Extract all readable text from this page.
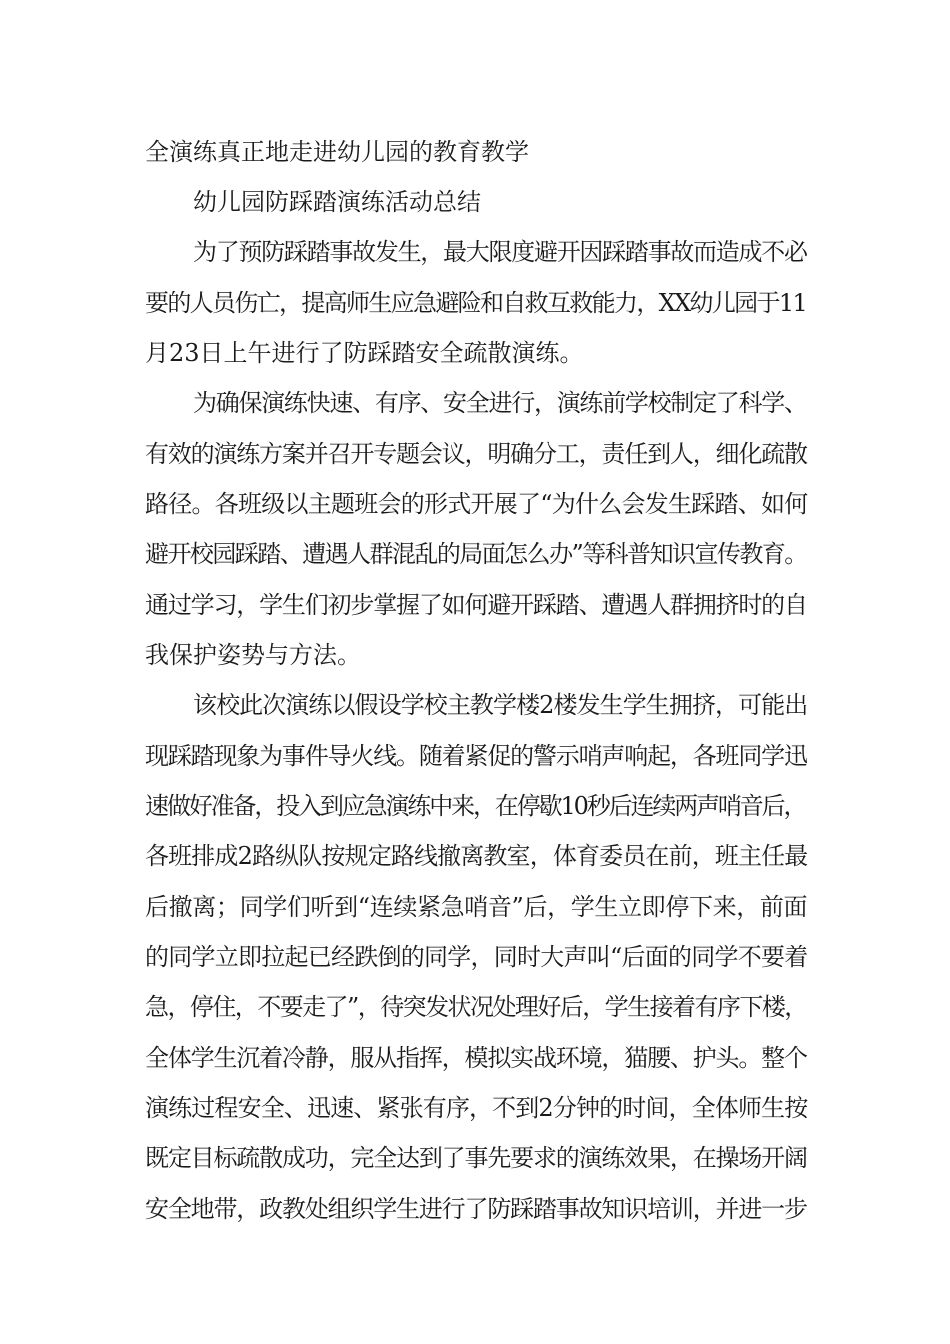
全演练真正地走进幼儿园的教育教学
幼儿园防踩踏演练活动总结
为了预防踩踏事故发生，最大限度避开因踩踏事故而造成不必
要的人员伤亡，提高师生应急避险和自救互救能力，XX幼儿园于11
月23日上午进行了防踩踏安全疏散演练。
为确保演练快速、有序、安全进行，演练前学校制定了科学、
有效的演练方案并召开专题会议，明确分工，责任到人，细化疏散
路径。各班级以主题班会的形式开展了“为什么会发生踩踏、如何
避开校园踩踏、遭遇人群混乱的局面怎么办”等科普知识宣传教育。
通过学习，学生们初步掌握了如何避开踩踏、遭遇人群拥挤时的自
我保护姿势与方法。
该校此次演练以假设学校主教学楼2楼发生学生拥挤，可能出
现踩踏现象为事件导火线。随着紧促的警示哨声响起，各班同学迅
速做好准备，投入到应急演练中来，在停歇10秒后连续两声哨音后，
各班排成2路纵队按规定路线撤离教室，体育委员在前，班主任最
后撤离；同学们听到“连续紧急哨音”后，学生立即停下来，前面
的同学立即拉起已经跌倒的同学，同时大声叫“后面的同学不要着
急，停住，不要走了”，待突发状况处理好后，学生接着有序下楼，
全体学生沉着冷静，服从指挥，模拟实战环境，猫腰、护头。整个
演练过程安全、迅速、紧张有序，不到2分钟的时间，全体师生按
既定目标疏散成功，完全达到了事先要求的演练效果，在操场开阔
安全地带，政教处组织学生进行了防踩踏事故知识培训，并进一步
